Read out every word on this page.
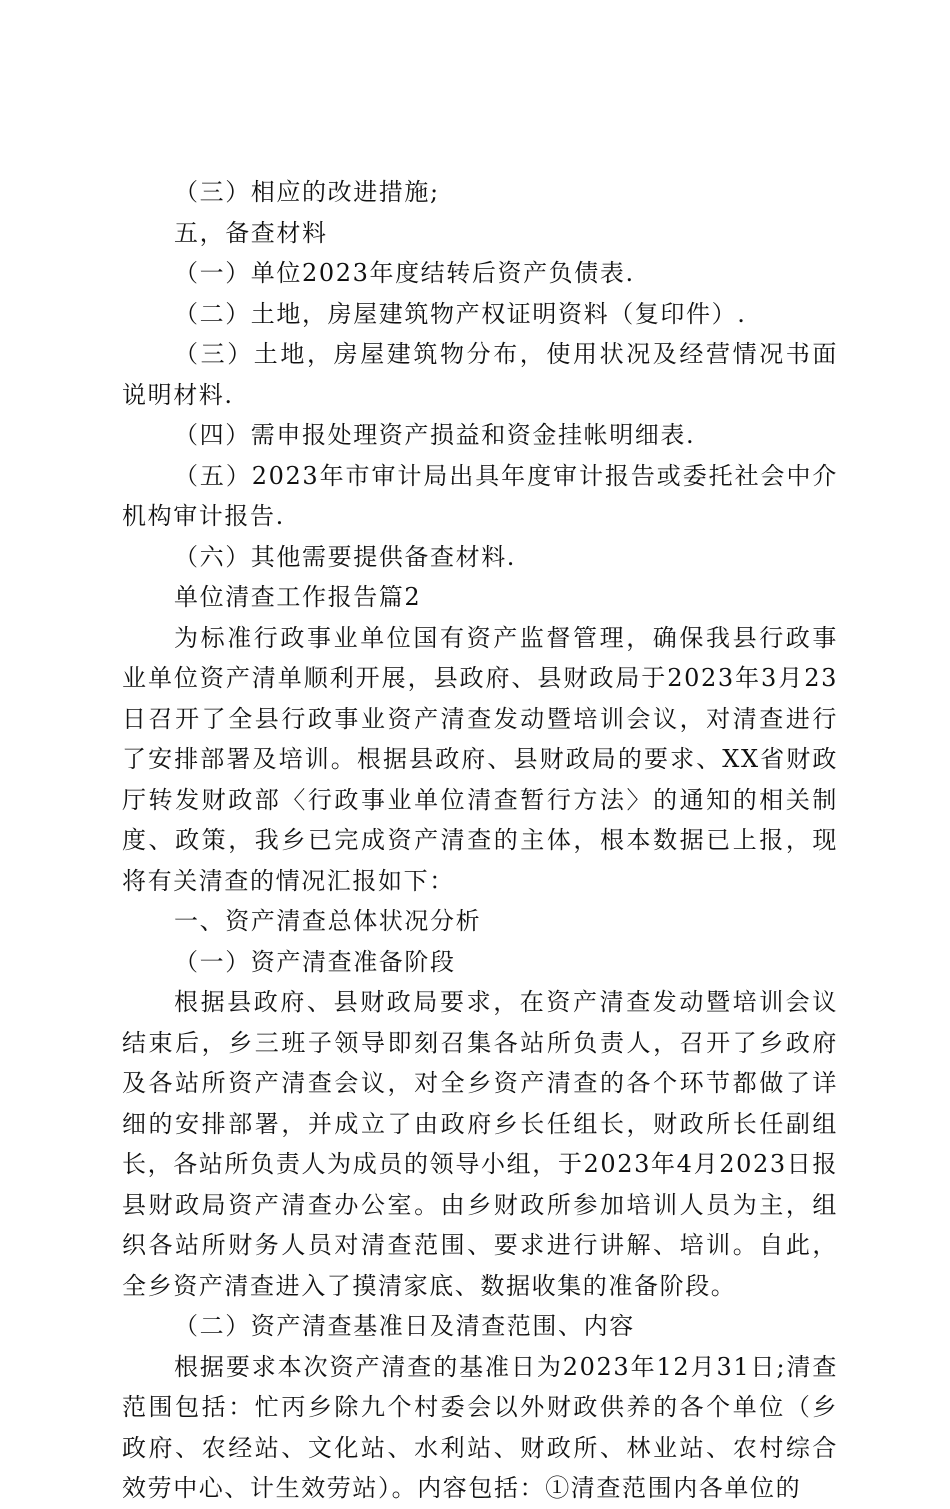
（三）相应的改进措施;

五，备查材料

（一）单位2023年度结转后资产负债表.

（二）土地，房屋建筑物产权证明资料（复印件）.

（三）土地，房屋建筑物分布，使用状况及经营情况书面说明材料.

（四）需申报处理资产损益和资金挂帐明细表.

（五）2023年市审计局出具年度审计报告或委托社会中介机构审计报告.

（六）其他需要提供备查材料.

单位清查工作报告篇2

为标准行政事业单位国有资产监督管理，确保我县行政事业单位资产清单顺利开展，县政府、县财政局于2023年3月23日召开了全县行政事业资产清查发动暨培训会议，对清查进行了安排部署及培训。根据县政府、县财政局的要求、XX省财政厅转发财政部〈行政事业单位清查暂行方法〉的通知的相关制度、政策，我乡已完成资产清查的主体，根本数据已上报，现将有关清查的情况汇报如下：

一、资产清查总体状况分析

（一）资产清查准备阶段

根据县政府、县财政局要求，在资产清查发动暨培训会议结束后，乡三班子领导即刻召集各站所负责人，召开了乡政府及各站所资产清查会议，对全乡资产清查的各个环节都做了详细的安排部署，并成立了由政府乡长任组长，财政所长任副组长，各站所负责人为成员的领导小组，于2023年4月2023日报县财政局资产清查办公室。由乡财政所参加培训人员为主，组织各站所财务人员对清查范围、要求进行讲解、培训。自此，全乡资产清查进入了摸清家底、数据收集的准备阶段。

（二）资产清查基准日及清查范围、内容

根据要求本次资产清查的基准日为2023年12月31日;清查范围包括：忙丙乡除九个村委会以外财政供养的各个单位（乡政府、农经站、文化站、水利站、财政所、林业站、农村综合效劳中心、计生效劳站）。内容包括：①清查范围内各单位的
